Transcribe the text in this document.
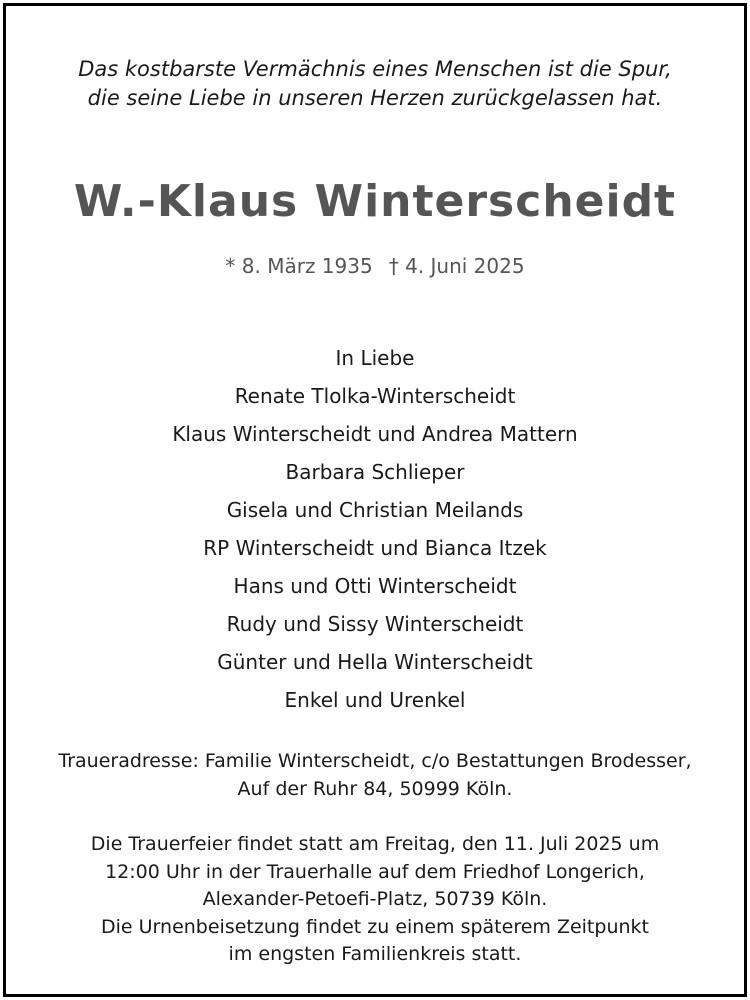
Das kostbarste Vermächnis eines Menschen ist die Spur,
die seine Liebe in unseren Herzen zurückgelassen hat.
W.-Klaus Winterscheidt
* 8. März 1935 † 4. Juni 2025
In Liebe
Renate Tlolka-Winterscheidt
Klaus Winterscheidt und Andrea Mattern
Barbara Schlieper
Gisela und Christian Meilands
RP Winterscheidt und Bianca Itzek
Hans und Otti Winterscheidt
Rudy und Sissy Winterscheidt
Günter und Hella Winterscheidt
Enkel und Urenkel
Traueradresse: Familie Winterscheidt, c/o Bestattungen Brodesser,
Auf der Ruhr 84, 50999 Köln.
Die Trauerfeier findet statt am Freitag, den 11. Juli 2025 um
12:00 Uhr in der Trauerhalle auf dem Friedhof Longerich,
Alexander-Petoefi-Platz, 50739 Köln.
Die Urnenbeisetzung findet zu einem späterem Zeitpunkt
im engsten Familienkreis statt.
